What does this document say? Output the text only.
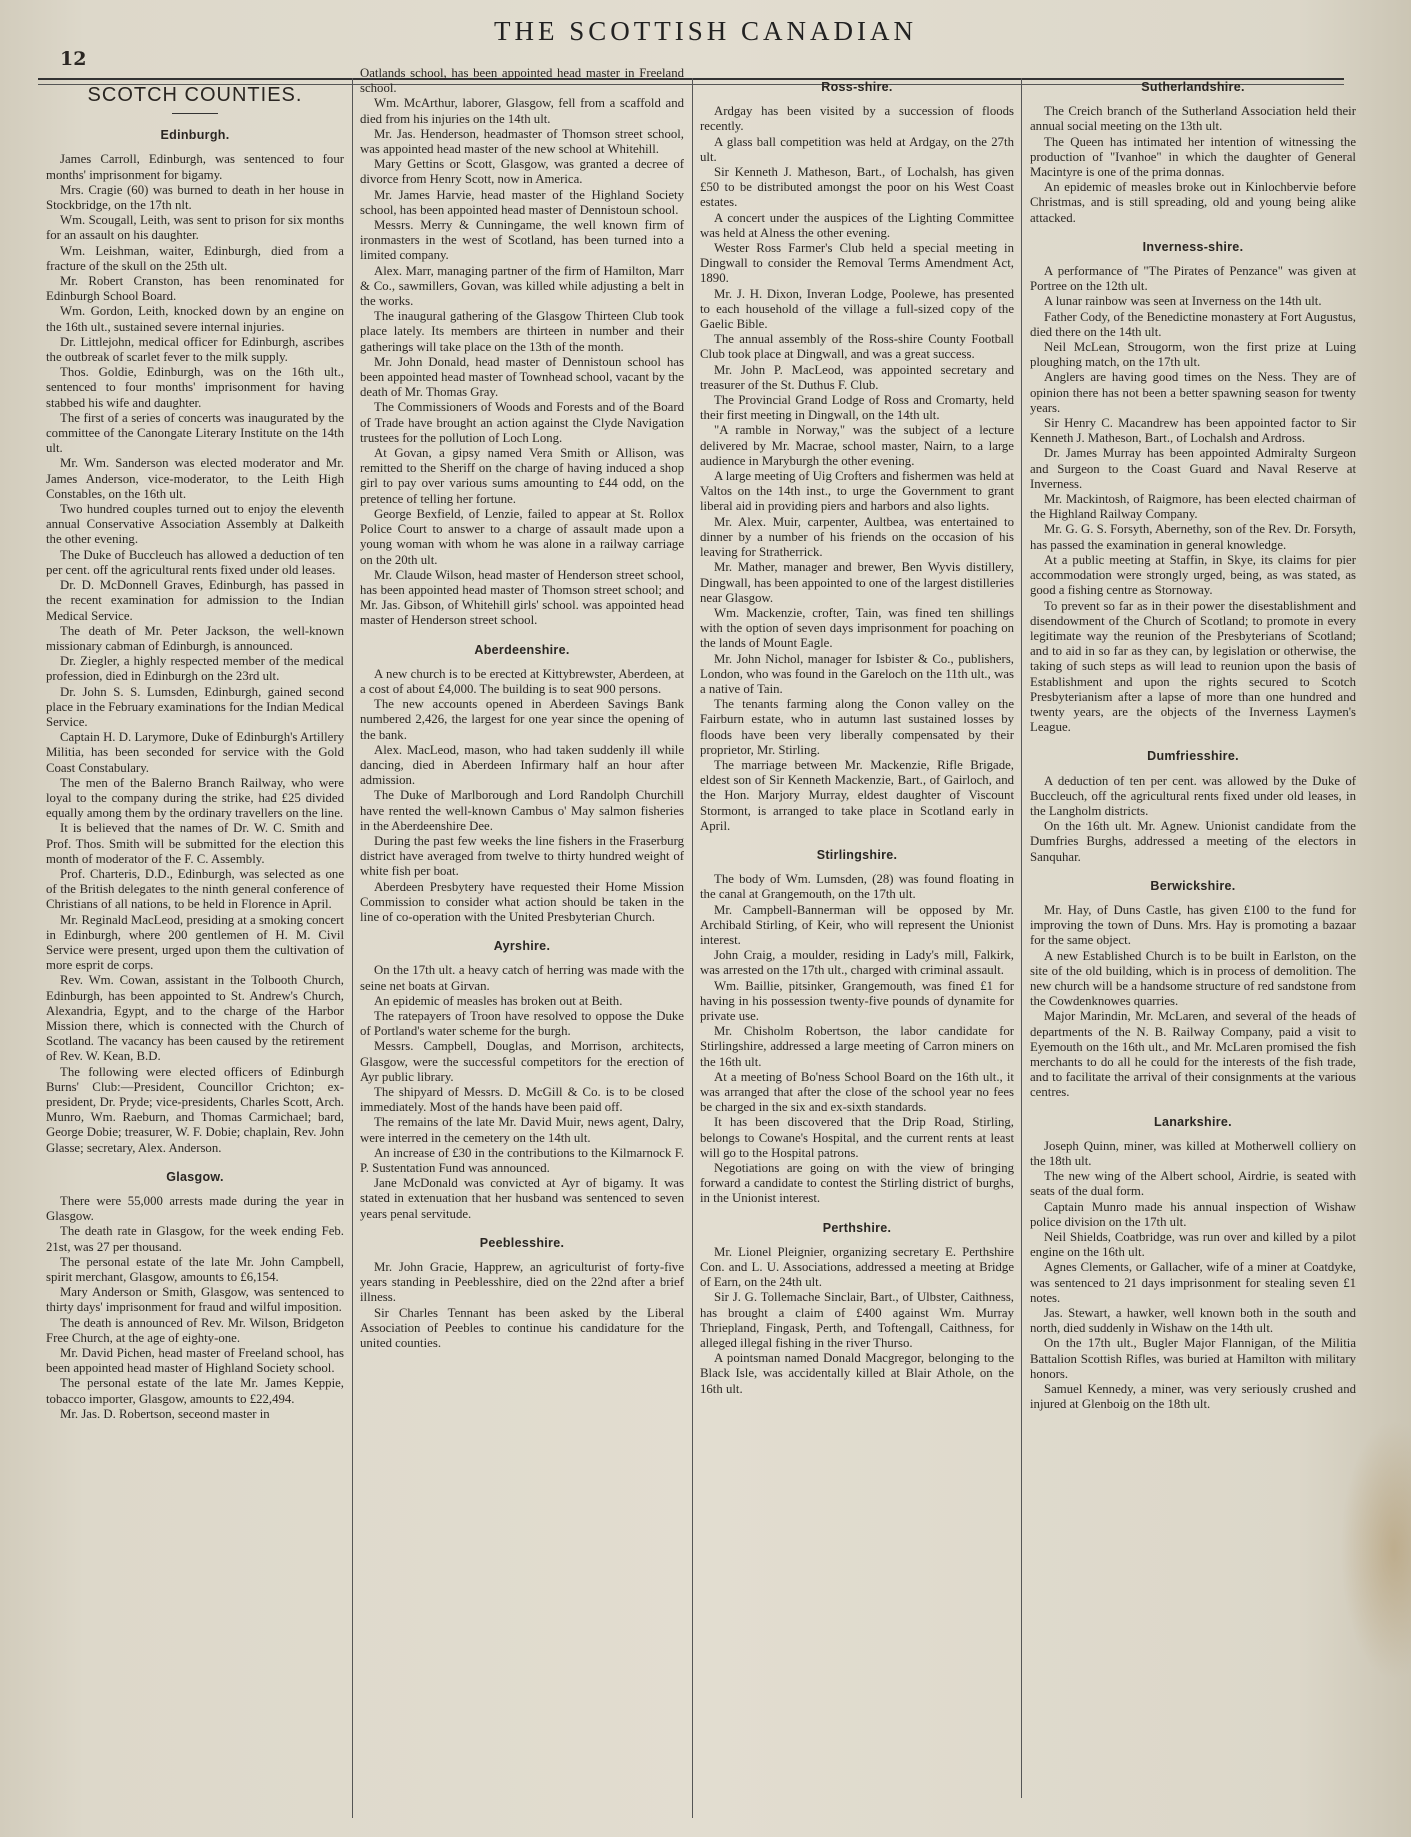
12
THE SCOTTISH CANADIAN
SCOTCH COUNTIES.
Edinburgh.

James Carroll, Edinburgh, was sentenced to four months' imprisonment for bigamy.

Mrs. Cragie (60) was burned to death in her house in Stockbridge, on the 17th nlt.

Wm. Scougall, Leith, was sent to prison for six months for an assault on his daughter.

Wm. Leishman, waiter, Edinburgh, died from a fracture of the skull on the 25th ult.

Mr. Robert Cranston, has been renominated for Edinburgh School Board.

Wm. Gordon, Leith, knocked down by an engine on the 16th ult., sustained severe internal injuries.

Dr. Littlejohn, medical officer for Edinburgh, ascribes the outbreak of scarlet fever to the milk supply.

Thos. Goldie, Edinburgh, was on the 16th ult., sentenced to four months' imprisonment for having stabbed his wife and daughter.

The first of a series of concerts was inaugurated by the committee of the Canongate Literary Institute on the 14th ult.

Mr. Wm. Sanderson was elected moderator and Mr. James Anderson, vice-moderator, to the Leith High Constables, on the 16th ult.

Two hundred couples turned out to enjoy the eleventh annual Conservative Association Assembly at Dalkeith the other evening.

The Duke of Buccleuch has allowed a deduction of ten per cent. off the agricultural rents fixed under old leases.

Dr. D. McDonnell Graves, Edinburgh, has passed in the recent examination for admission to the Indian Medical Service.

The death of Mr. Peter Jackson, the well-known missionary cabman of Edinburgh, is announced.

Dr. Ziegler, a highly respected member of the medical profession, died in Edinburgh on the 23rd ult.

Dr. John S. S. Lumsden, Edinburgh, gained second place in the February examinations for the Indian Medical Service.

Captain H. D. Larymore, Duke of Edinburgh's Artillery Militia, has been seconded for service with the Gold Coast Constabulary.

The men of the Balerno Branch Railway, who were loyal to the company during the strike, had £25 divided equally among them by the ordinary travellers on the line.

It is believed that the names of Dr. W. C. Smith and Prof. Thos. Smith will be submitted for the election this month of moderator of the F. C. Assembly.

Prof. Charteris, D.D., Edinburgh, was selected as one of the British delegates to the ninth general conference of Christians of all nations, to be held in Florence in April.

Mr. Reginald MacLeod, presiding at a smoking concert in Edinburgh, where 200 gentlemen of H. M. Civil Service were present, urged upon them the cultivation of more esprit de corps.

Rev. Wm. Cowan, assistant in the Tolbooth Church, Edinburgh, has been appointed to St. Andrew's Church, Alexandria, Egypt, and to the charge of the Harbor Mission there, which is connected with the Church of Scotland. The vacancy has been caused by the retirement of Rev. W. Kean, B.D.

The following were elected officers of Edinburgh Burns' Club:—President, Councillor Crichton; ex-president, Dr. Pryde; vice-presidents, Charles Scott, Arch. Munro, Wm. Raeburn, and Thomas Carmichael; bard, George Dobie; treasurer, W. F. Dobie; chaplain, Rev. John Glasse; secretary, Alex. Anderson.

Glasgow.

There were 55,000 arrests made during the year in Glasgow.

The death rate in Glasgow, for the week ending Feb. 21st, was 27 per thousand.

The personal estate of the late Mr. John Campbell, spirit merchant, Glasgow, amounts to £6,154.

Mary Anderson or Smith, Glasgow, was sentenced to thirty days' imprisonment for fraud and wilful imposition.

The death is announced of Rev. Mr. Wilson, Bridgeton Free Church, at the age of eighty-one.

Mr. David Pichen, head master of Freeland school, has been appointed head master of Highland Society school.

The personal estate of the late Mr. James Keppie, tobacco importer, Glasgow, amounts to £22,494.

Mr. Jas. D. Robertson, seceond master in

Oatlands school, has been appointed head master in Freeland school.

Wm. McArthur, laborer, Glasgow, fell from a scaffold and died from his injuries on the 14th ult.

Mr. Jas. Henderson, headmaster of Thomson street school, was appointed head master of the new school at Whitehill.

Mary Gettins or Scott, Glasgow, was granted a decree of divorce from Henry Scott, now in America.

Mr. James Harvie, head master of the Highland Society school, has been appointed head master of Dennistoun school.

Messrs. Merry & Cunningame, the well known firm of ironmasters in the west of Scotland, has been turned into a limited company.

Alex. Marr, managing partner of the firm of Hamilton, Marr & Co., sawmillers, Govan, was killed while adjusting a belt in the works.

The inaugural gathering of the Glasgow Thirteen Club took place lately. Its members are thirteen in number and their gatherings will take place on the 13th of the month.

Mr. John Donald, head master of Dennistoun school has been appointed head master of Townhead school, vacant by the death of Mr. Thomas Gray.

The Commissioners of Woods and Forests and of the Board of Trade have brought an action against the Clyde Navigation trustees for the pollution of Loch Long.

At Govan, a gipsy named Vera Smith or Allison, was remitted to the Sheriff on the charge of having induced a shop girl to pay over various sums amounting to £44 odd, on the pretence of telling her fortune.

George Bexfield, of Lenzie, failed to appear at St. Rollox Police Court to answer to a charge of assault made upon a young woman with whom he was alone in a railway carriage on the 20th ult.

Mr. Claude Wilson, head master of Henderson street school, has been appointed head master of Thomson street school; and Mr. Jas. Gibson, of Whitehill girls' school. was appointed head master of Henderson street school.

Aberdeenshire.

A new church is to be erected at Kittybrewster, Aberdeen, at a cost of about £4,000. The building is to seat 900 persons.

The new accounts opened in Aberdeen Savings Bank numbered 2,426, the largest for one year since the opening of the bank.

Alex. MacLeod, mason, who had taken suddenly ill while dancing, died in Aberdeen Infirmary half an hour after admission.

The Duke of Marlborough and Lord Randolph Churchill have rented the well-known Cambus o' May salmon fisheries in the Aberdeenshire Dee.

During the past few weeks the line fishers in the Fraserburg district have averaged from twelve to thirty hundred weight of white fish per boat.

Aberdeen Presbytery have requested their Home Mission Commission to consider what action should be taken in the line of co-operation with the United Presbyterian Church.

Ayrshire.

On the 17th ult. a heavy catch of herring was made with the seine net boats at Girvan.

An epidemic of measles has broken out at Beith.

The ratepayers of Troon have resolved to oppose the Duke of Portland's water scheme for the burgh.

Messrs. Campbell, Douglas, and Morrison, architects, Glasgow, were the successful competitors for the erection of Ayr public library.

The shipyard of Messrs. D. McGill & Co. is to be closed immediately. Most of the hands have been paid off.

The remains of the late Mr. David Muir, news agent, Dalry, were interred in the cemetery on the 14th ult.

An increase of £30 in the contributions to the Kilmarnock F. P. Sustentation Fund was announced.

Jane McDonald was convicted at Ayr of bigamy. It was stated in extenuation that her husband was sentenced to seven years penal servitude.

Peeblesshire.

Mr. John Gracie, Happrew, an agriculturist of forty-five years standing in Peeblesshire, died on the 22nd after a brief illness.

Sir Charles Tennant has been asked by the Liberal Association of Peebles to continue his candidature for the united counties.

Ross-shire.

Ardgay has been visited by a succession of floods recently.

A glass ball competition was held at Ardgay, on the 27th ult.

Sir Kenneth J. Matheson, Bart., of Lochalsh, has given £50 to be distributed amongst the poor on his West Coast estates.

A concert under the auspices of the Lighting Committee was held at Alness the other evening.

Wester Ross Farmer's Club held a special meeting in Dingwall to consider the Removal Terms Amendment Act, 1890.

Mr. J. H. Dixon, Inveran Lodge, Poolewe, has presented to each household of the village a full-sized copy of the Gaelic Bible.

The annual assembly of the Ross-shire County Football Club took place at Dingwall, and was a great success.

Mr. John P. MacLeod, was appointed secretary and treasurer of the St. Duthus F. Club.

The Provincial Grand Lodge of Ross and Cromarty, held their first meeting in Dingwall, on the 14th ult.

"A ramble in Norway," was the subject of a lecture delivered by Mr. Macrae, school master, Nairn, to a large audience in Maryburgh the other evening.

A large meeting of Uig Crofters and fishermen was held at Valtos on the 14th inst., to urge the Government to grant liberal aid in providing piers and harbors and also lights.

Mr. Alex. Muir, carpenter, Aultbea, was entertained to dinner by a number of his friends on the occasion of his leaving for Stratherrick.

Mr. Mather, manager and brewer, Ben Wyvis distillery, Dingwall, has been appointed to one of the largest distilleries near Glasgow.

Wm. Mackenzie, crofter, Tain, was fined ten shillings with the option of seven days imprisonment for poaching on the lands of Mount Eagle.

Mr. John Nichol, manager for Isbister & Co., publishers, London, who was found in the Gareloch on the 11th ult., was a native of Tain.

The tenants farming along the Conon valley on the Fairburn estate, who in autumn last sustained losses by floods have been very liberally compensated by their proprietor, Mr. Stirling.

The marriage between Mr. Mackenzie, Rifle Brigade, eldest son of Sir Kenneth Mackenzie, Bart., of Gairloch, and the Hon. Marjory Murray, eldest daughter of Viscount Stormont, is arranged to take place in Scotland early in April.

Stirlingshire.

The body of Wm. Lumsden, (28) was found floating in the canal at Grangemouth, on the 17th ult.

Mr. Campbell-Bannerman will be opposed by Mr. Archibald Stirling, of Keir, who will represent the Unionist interest.

John Craig, a moulder, residing in Lady's mill, Falkirk, was arrested on the 17th ult., charged with criminal assault.

Wm. Baillie, pitsinker, Grangemouth, was fined £1 for having in his possession twenty-five pounds of dynamite for private use.

Mr. Chisholm Robertson, the labor candidate for Stirlingshire, addressed a large meeting of Carron miners on the 16th ult.

At a meeting of Bo'ness School Board on the 16th ult., it was arranged that after the close of the school year no fees be charged in the six and ex-sixth standards.

It has been discovered that the Drip Road, Stirling, belongs to Cowane's Hospital, and the current rents at least will go to the Hospital patrons.

Negotiations are going on with the view of bringing forward a candidate to contest the Stirling district of burghs, in the Unionist interest.

Perthshire.

Mr. Lionel Pleignier, organizing secretary E. Perthshire Con. and L. U. Associations, addressed a meeting at Bridge of Earn, on the 24th ult.

Sir J. G. Tollemache Sinclair, Bart., of Ulbster, Caithness, has brought a claim of £400 against Wm. Murray Thriepland, Fingask, Perth, and Toftengall, Caithness, for alleged illegal fishing in the river Thurso.

A pointsman named Donald Macgregor, belonging to the Black Isle, was accidentally killed at Blair Athole, on the 16th ult.

Sutherlandshire.

The Creich branch of the Sutherland Association held their annual social meeting on the 13th ult.

The Queen has intimated her intention of witnessing the production of "Ivanhoe" in which the daughter of General Macintyre is one of the prima donnas.

An epidemic of measles broke out in Kinlochbervie before Christmas, and is still spreading, old and young being alike attacked.

Inverness-shire.

A performance of "The Pirates of Penzance" was given at Portree on the 12th ult.

A lunar rainbow was seen at Inverness on the 14th ult.

Father Cody, of the Benedictine monastery at Fort Augustus, died there on the 14th ult.

Neil McLean, Strougorm, won the first prize at Luing ploughing match, on the 17th ult.

Anglers are having good times on the Ness. They are of opinion there has not been a better spawning season for twenty years.

Sir Henry C. Macandrew has been appointed factor to Sir Kenneth J. Matheson, Bart., of Lochalsh and Ardross.

Dr. James Murray has been appointed Admiralty Surgeon and Surgeon to the Coast Guard and Naval Reserve at Inverness.

Mr. Mackintosh, of Raigmore, has been elected chairman of the Highland Railway Company.

Mr. G. G. S. Forsyth, Abernethy, son of the Rev. Dr. Forsyth, has passed the examination in general knowledge.

At a public meeting at Staffin, in Skye, its claims for pier accommodation were strongly urged, being, as was stated, as good a fishing centre as Stornoway.

To prevent so far as in their power the disestablishment and disendowment of the Church of Scotland; to promote in every legitimate way the reunion of the Presbyterians of Scotland; and to aid in so far as they can, by legislation or otherwise, the taking of such steps as will lead to reunion upon the basis of Establishment and upon the rights secured to Scotch Presbyterianism after a lapse of more than one hundred and twenty years, are the objects of the Inverness Laymen's League.

Dumfriesshire.

A deduction of ten per cent. was allowed by the Duke of Buccleuch, off the agricultural rents fixed under old leases, in the Langholm districts.

On the 16th ult. Mr. Agnew. Unionist candidate from the Dumfries Burghs, addressed a meeting of the electors in Sanquhar.

Berwickshire.

Mr. Hay, of Duns Castle, has given £100 to the fund for improving the town of Duns. Mrs. Hay is promoting a bazaar for the same object.

A new Established Church is to be built in Earlston, on the site of the old building, which is in process of demolition. The new church will be a handsome structure of red sandstone from the Cowdenknowes quarries.

Major Marindin, Mr. McLaren, and several of the heads of departments of the N. B. Railway Company, paid a visit to Eyemouth on the 16th ult., and Mr. McLaren promised the fish merchants to do all he could for the interests of the fish trade, and to facilitate the arrival of their consignments at the various centres.

Lanarkshire.

Joseph Quinn, miner, was killed at Motherwell colliery on the 18th ult.

The new wing of the Albert school, Airdrie, is seated with seats of the dual form.

Captain Munro made his annual inspection of Wishaw police division on the 17th ult.

Neil Shields, Coatbridge, was run over and killed by a pilot engine on the 16th ult.

Agnes Clements, or Gallacher, wife of a miner at Coatdyke, was sentenced to 21 days imprisonment for stealing seven £1 notes.

Jas. Stewart, a hawker, well known both in the south and north, died suddenly in Wishaw on the 14th ult.

On the 17th ult., Bugler Major Flannigan, of the Militia Battalion Scottish Rifles, was buried at Hamilton with military honors.

Samuel Kennedy, a miner, was very seriously crushed and injured at Glenboig on the 18th ult.
